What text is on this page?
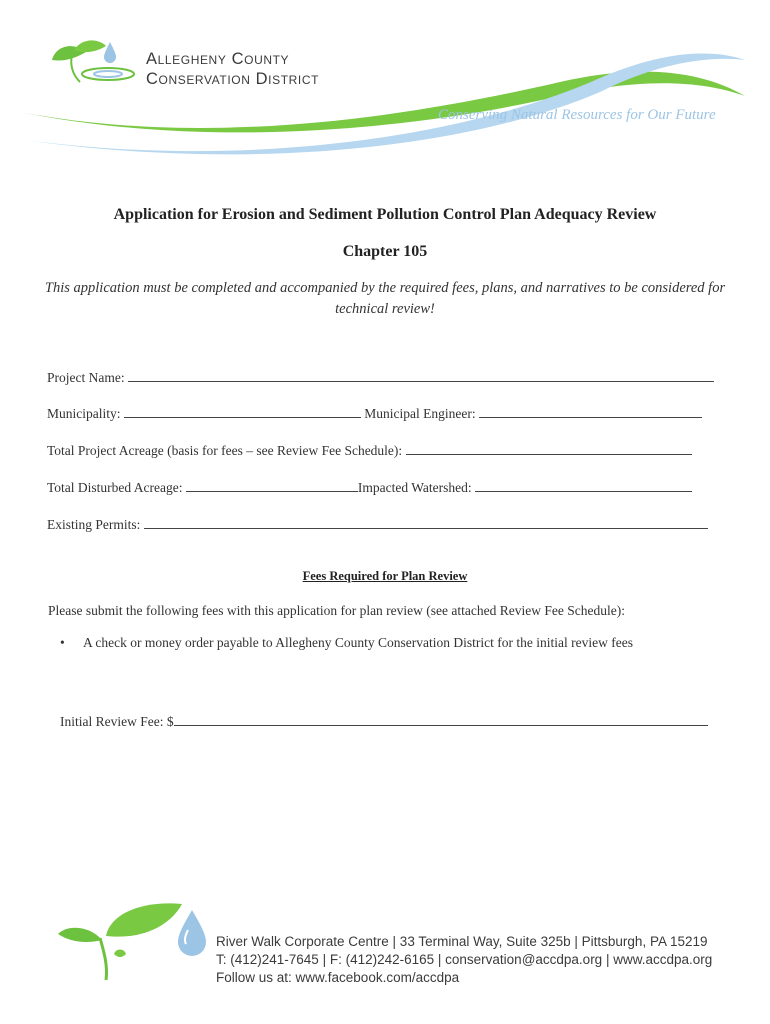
Allegheny County
Conservation District
Conserving Natural Resources for Our Future
Application for Erosion and Sediment Pollution Control Plan Adequacy Review
Chapter 105
This application must be completed and accompanied by the required fees, plans, and narratives to be considered for technical review!
Project Name:
Municipality:	Municipal Engineer:
Total Project Acreage (basis for fees – see Review Fee Schedule):
Total Disturbed Acreage:	Impacted Watershed:
Existing Permits:
Fees Required for Plan Review
Please submit the following fees with this application for plan review (see attached Review Fee Schedule):
• A check or money order payable to Allegheny County Conservation District for the initial review fees
Initial Review Fee: $
River Walk Corporate Centre | 33 Terminal Way, Suite 325b | Pittsburgh, PA 15219
T: (412)241-7645 | F: (412)242-6165 | conservation@accdpa.org | www.accdpa.org
Follow us at: www.facebook.com/accdpa
